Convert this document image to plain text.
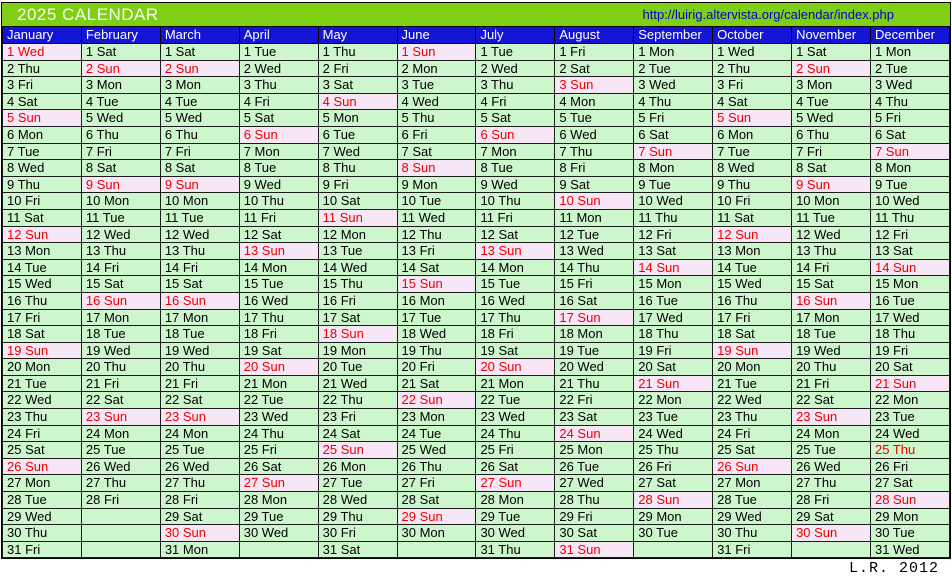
2025 CALENDAR	http://luirig.altervista.org/calendar/index.php
January	February	March	April	May	June	July	August	September	October	November	December
1 Wed	1 Sat	1 Sat	1 Tue	1 Thu	1 Sun	1 Tue	1 Fri	1 Mon	1 Wed	1 Sat	1 Mon
2 Thu	2 Sun	2 Sun	2 Wed	2 Fri	2 Mon	2 Wed	2 Sat	2 Tue	2 Thu	2 Sun	2 Tue
3 Fri	3 Mon	3 Mon	3 Thu	3 Sat	3 Tue	3 Thu	3 Sun	3 Wed	3 Fri	3 Mon	3 Wed
4 Sat	4 Tue	4 Tue	4 Fri	4 Sun	4 Wed	4 Fri	4 Mon	4 Thu	4 Sat	4 Tue	4 Thu
5 Sun	5 Wed	5 Wed	5 Sat	5 Mon	5 Thu	5 Sat	5 Tue	5 Fri	5 Sun	5 Wed	5 Fri
6 Mon	6 Thu	6 Thu	6 Sun	6 Tue	6 Fri	6 Sun	6 Wed	6 Sat	6 Mon	6 Thu	6 Sat
7 Tue	7 Fri	7 Fri	7 Mon	7 Wed	7 Sat	7 Mon	7 Thu	7 Sun	7 Tue	7 Fri	7 Sun
8 Wed	8 Sat	8 Sat	8 Tue	8 Thu	8 Sun	8 Tue	8 Fri	8 Mon	8 Wed	8 Sat	8 Mon
9 Thu	9 Sun	9 Sun	9 Wed	9 Fri	9 Mon	9 Wed	9 Sat	9 Tue	9 Thu	9 Sun	9 Tue
10 Fri	10 Mon	10 Mon	10 Thu	10 Sat	10 Tue	10 Thu	10 Sun	10 Wed	10 Fri	10 Mon	10 Wed
11 Sat	11 Tue	11 Tue	11 Fri	11 Sun	11 Wed	11 Fri	11 Mon	11 Thu	11 Sat	11 Tue	11 Thu
12 Sun	12 Wed	12 Wed	12 Sat	12 Mon	12 Thu	12 Sat	12 Tue	12 Fri	12 Sun	12 Wed	12 Fri
13 Mon	13 Thu	13 Thu	13 Sun	13 Tue	13 Fri	13 Sun	13 Wed	13 Sat	13 Mon	13 Thu	13 Sat
14 Tue	14 Fri	14 Fri	14 Mon	14 Wed	14 Sat	14 Mon	14 Thu	14 Sun	14 Tue	14 Fri	14 Sun
15 Wed	15 Sat	15 Sat	15 Tue	15 Thu	15 Sun	15 Tue	15 Fri	15 Mon	15 Wed	15 Sat	15 Mon
16 Thu	16 Sun	16 Sun	16 Wed	16 Fri	16 Mon	16 Wed	16 Sat	16 Tue	16 Thu	16 Sun	16 Tue
17 Fri	17 Mon	17 Mon	17 Thu	17 Sat	17 Tue	17 Thu	17 Sun	17 Wed	17 Fri	17 Mon	17 Wed
18 Sat	18 Tue	18 Tue	18 Fri	18 Sun	18 Wed	18 Fri	18 Mon	18 Thu	18 Sat	18 Tue	18 Thu
19 Sun	19 Wed	19 Wed	19 Sat	19 Mon	19 Thu	19 Sat	19 Tue	19 Fri	19 Sun	19 Wed	19 Fri
20 Mon	20 Thu	20 Thu	20 Sun	20 Tue	20 Fri	20 Sun	20 Wed	20 Sat	20 Mon	20 Thu	20 Sat
21 Tue	21 Fri	21 Fri	21 Mon	21 Wed	21 Sat	21 Mon	21 Thu	21 Sun	21 Tue	21 Fri	21 Sun
22 Wed	22 Sat	22 Sat	22 Tue	22 Thu	22 Sun	22 Tue	22 Fri	22 Mon	22 Wed	22 Sat	22 Mon
23 Thu	23 Sun	23 Sun	23 Wed	23 Fri	23 Mon	23 Wed	23 Sat	23 Tue	23 Thu	23 Sun	23 Tue
24 Fri	24 Mon	24 Mon	24 Thu	24 Sat	24 Tue	24 Thu	24 Sun	24 Wed	24 Fri	24 Mon	24 Wed
25 Sat	25 Tue	25 Tue	25 Fri	25 Sun	25 Wed	25 Fri	25 Mon	25 Thu	25 Sat	25 Tue	25 Thu
26 Sun	26 Wed	26 Wed	26 Sat	26 Mon	26 Thu	26 Sat	26 Tue	26 Fri	26 Sun	26 Wed	26 Fri
27 Mon	27 Thu	27 Thu	27 Sun	27 Tue	27 Fri	27 Sun	27 Wed	27 Sat	27 Mon	27 Thu	27 Sat
28 Tue	28 Fri	28 Fri	28 Mon	28 Wed	28 Sat	28 Mon	28 Thu	28 Sun	28 Tue	28 Fri	28 Sun
29 Wed		29 Sat	29 Tue	29 Thu	29 Sun	29 Tue	29 Fri	29 Mon	29 Wed	29 Sat	29 Mon
30 Thu		30 Sun	30 Wed	30 Fri	30 Mon	30 Wed	30 Sat	30 Tue	30 Thu	30 Sun	30 Tue
31 Fri		31 Mon		31 Sat		31 Thu	31 Sun		31 Fri		31 Wed
L.R. 2012
